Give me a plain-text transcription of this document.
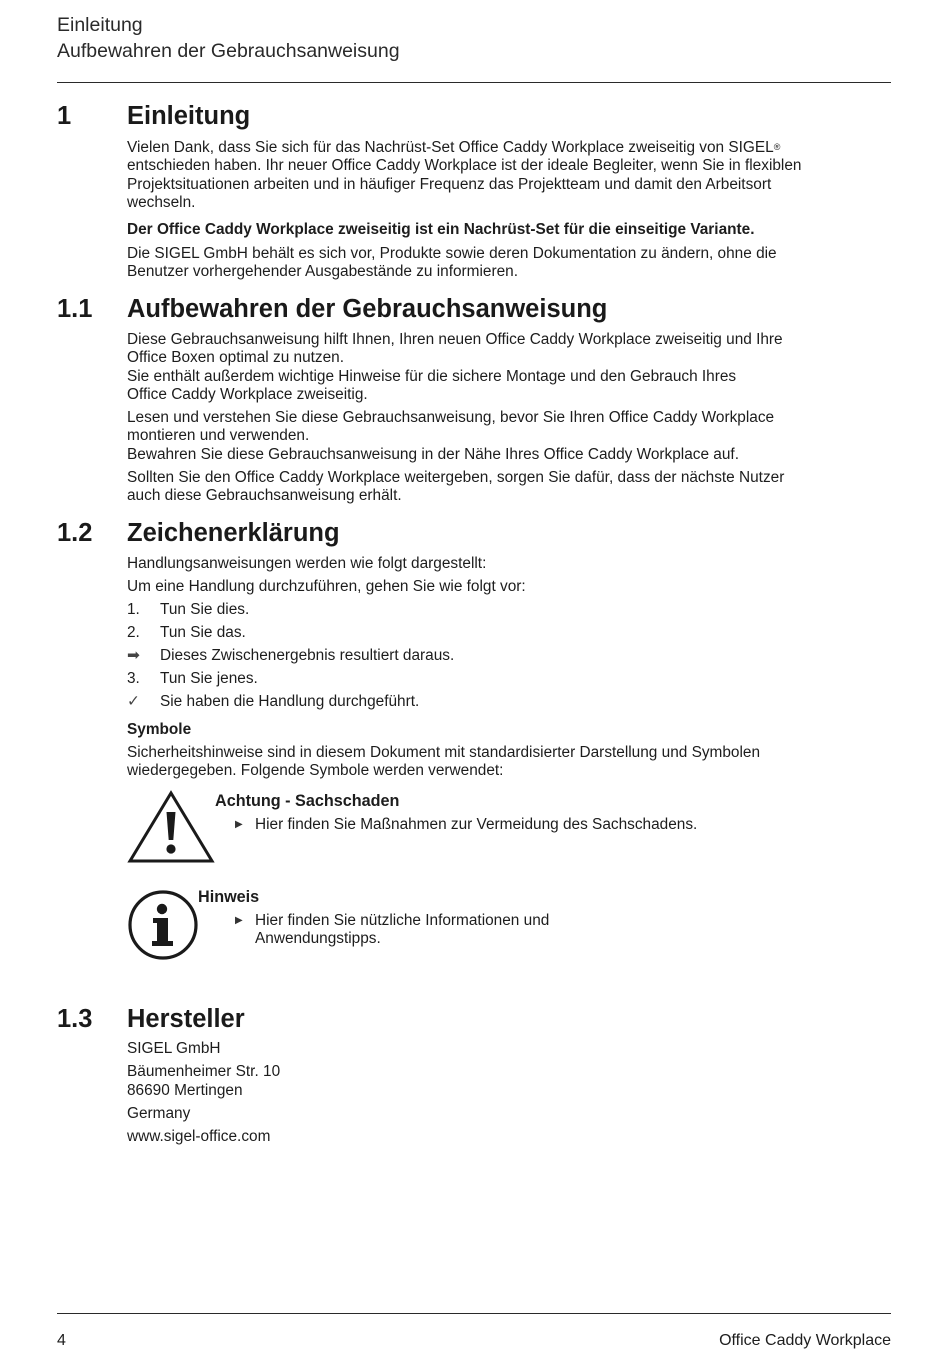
Einleitung
Aufbewahren der Gebrauchsanweisung
1 Einleitung
Vielen Dank, dass Sie sich für das Nachrüst-Set Office Caddy Workplace zweiseitig von SIGEL®
entschieden haben. Ihr neuer Office Caddy Workplace ist der ideale Begleiter, wenn Sie in flexiblen
Projektsituationen arbeiten und in häufiger Frequenz das Projektteam und damit den Arbeitsort
wechseln.
Der Office Caddy Workplace zweiseitig ist ein Nachrüst-Set für die einseitige Variante.
Die SIGEL GmbH behält es sich vor, Produkte sowie deren Dokumentation zu ändern, ohne die
Benutzer vorhergehender Ausgabestände zu informieren.
1.1 Aufbewahren der Gebrauchsanweisung
Diese Gebrauchsanweisung hilft Ihnen, Ihren neuen Office Caddy Workplace zweiseitig und Ihre
Office Boxen optimal zu nutzen.
Sie enthält außerdem wichtige Hinweise für die sichere Montage und den Gebrauch Ihres
Office Caddy Workplace zweiseitig.
Lesen und verstehen Sie diese Gebrauchsanweisung, bevor Sie Ihren Office Caddy Workplace
montieren und verwenden.
Bewahren Sie diese Gebrauchsanweisung in der Nähe Ihres Office Caddy Workplace auf.
Sollten Sie den Office Caddy Workplace weitergeben, sorgen Sie dafür, dass der nächste Nutzer
auch diese Gebrauchsanweisung erhält.
1.2 Zeichenerklärung
Handlungsanweisungen werden wie folgt dargestellt:
Um eine Handlung durchzuführen, gehen Sie wie folgt vor:
1.	Tun Sie dies.
2.	Tun Sie das.
➡	Dieses Zwischenergebnis resultiert daraus.
3.	Tun Sie jenes.
✓	Sie haben die Handlung durchgeführt.
Symbole
Sicherheitshinweise sind in diesem Dokument mit standardisierter Darstellung und Symbolen
wiedergegeben. Folgende Symbole werden verwendet:
Achtung - Sachschaden
▶ Hier finden Sie Maßnahmen zur Vermeidung des Sachschadens.
Hinweis
▶ Hier finden Sie nützliche Informationen und
Anwendungstipps.
1.3 Hersteller
SIGEL GmbH
Bäumenheimer Str. 10
86690 Mertingen
Germany
www.sigel-office.com
4	Office Caddy Workplace
